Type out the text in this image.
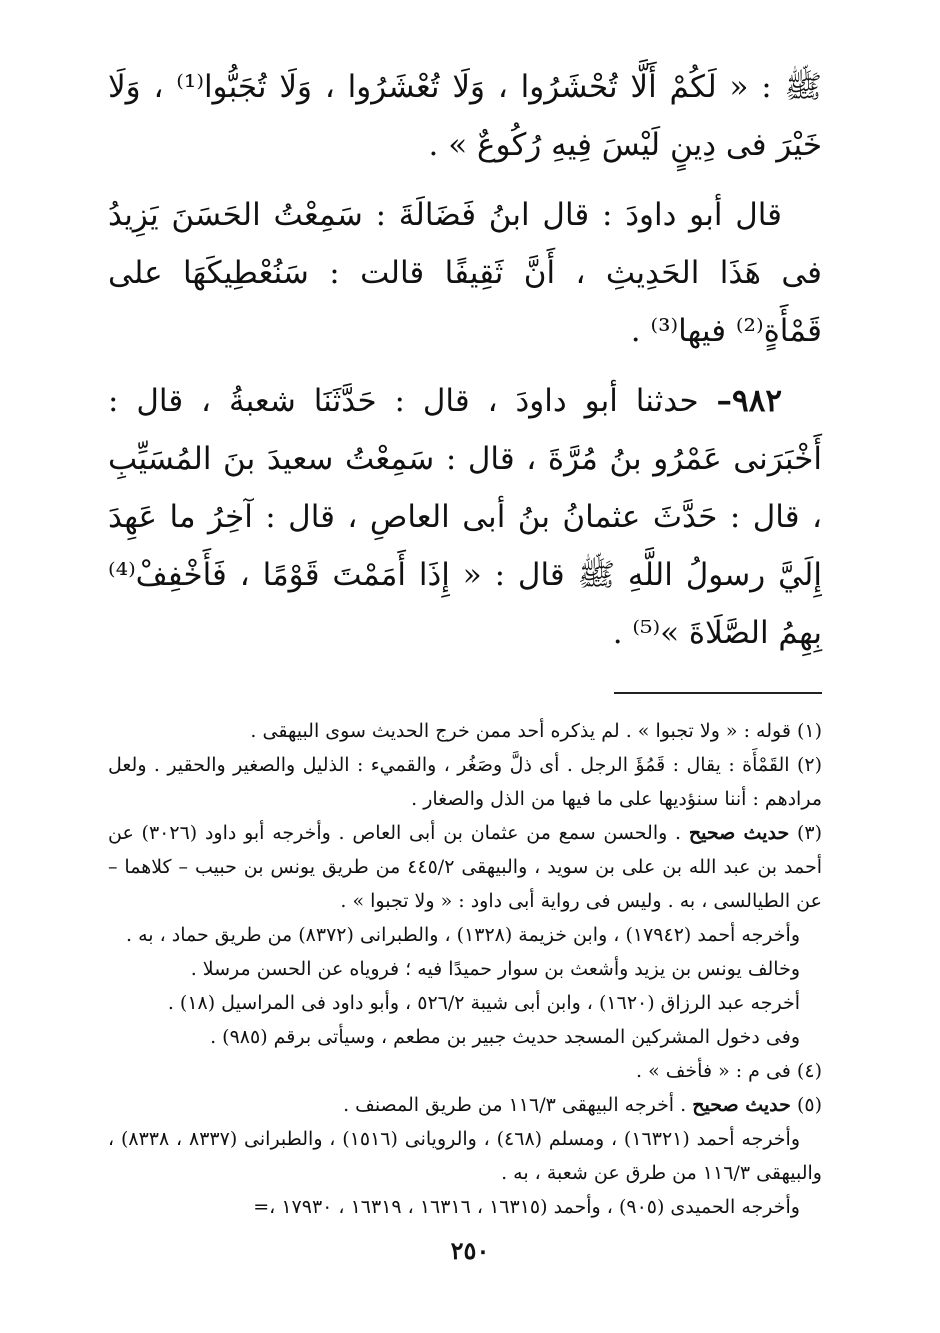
ﷺ : « لَكُمْ أَلَّا تُحْشَرُوا ، وَلَا تُعْشَرُوا ، وَلَا تُجَبُّوا⁽¹⁾ ، وَلَا خَيْرَ فى دِينٍ لَيْسَ فِيهِ رُكُوعٌ » .

قال أبو داودَ : قال ابنُ فَضَالَةَ : سَمِعْتُ الحَسَنَ يَزِيدُ فى هَذَا الحَدِيثِ ، أَنَّ ثَقِيفًا قالت : سَنُعْطِيكَهَا على قَمْأَةٍ⁽²⁾ فيها⁽³⁾ .

٩٨٢– حدثنا أبو داودَ ، قال : حَدَّثَنَا شعبةُ ، قال : أَخْبَرَنى عَمْرُو بنُ مُرَّةَ ، قال : سَمِعْتُ سعيدَ بنَ المُسَيِّبِ ، قال : حَدَّثَ عثمانُ بنُ أبى العاصِ ، قال : آخِرُ ما عَهِدَ إِلَيَّ رسولُ اللَّهِ ﷺ قال : « إِذَا أَمَمْتَ قَوْمًا ، فَأَخْفِفْ⁽⁴⁾ بِهِمُ الصَّلَاةَ »⁽⁵⁾ .

(١) قوله : « ولا تجبوا » . لم يذكره أحد ممن خرج الحديث سوى البيهقى .

(٢) القَمْأَة : يقال : قَمُؤَ الرجل . أى ذلَّ وصَغُر ، والقميء : الذليل والصغير والحقير . ولعل مرادهم : أننا سنؤديها على ما فيها من الذل والصغار .

(٣) حديث صحيح . والحسن سمع من عثمان بن أبى العاص . وأخرجه أبو داود (٣٠٢٦) عن أحمد بن عبد الله بن على بن سويد ، والبيهقى ٤٤٥/٢ من طريق يونس بن حبيب – كلاهما – عن الطيالسى ، به . وليس فى رواية أبى داود : « ولا تجبوا » .

وأخرجه أحمد (١٧٩٤٢) ، وابن خزيمة (١٣٢٨) ، والطبرانى (٨٣٧٢) من طريق حماد ، به .

وخالف يونس بن يزيد وأشعث بن سوار حميدًا فيه ؛ فروياه عن الحسن مرسلا .

أخرجه عبد الرزاق (١٦٢٠) ، وابن أبى شيبة ٥٢٦/٢ ، وأبو داود فى المراسيل (١٨) .

وفى دخول المشركين المسجد حديث جبير بن مطعم ، وسيأتى برقم (٩٨٥) .

(٤) فى م : « فأخف » .

(٥) حديث صحيح . أخرجه البيهقى ١١٦/٣ من طريق المصنف .

وأخرجه أحمد (١٦٣٢١) ، ومسلم (٤٦٨) ، والرويانى (١٥١٦) ، والطبرانى (٨٣٣٧ ، ٨٣٣٨) ، والبيهقى ١١٦/٣ من طرق عن شعبة ، به .

وأخرجه الحميدى (٩٠٥) ، وأحمد (١٦٣١٥ ، ١٦٣١٦ ، ١٦٣١٩ ، ١٧٩٣٠ ،=

٢٥٠
